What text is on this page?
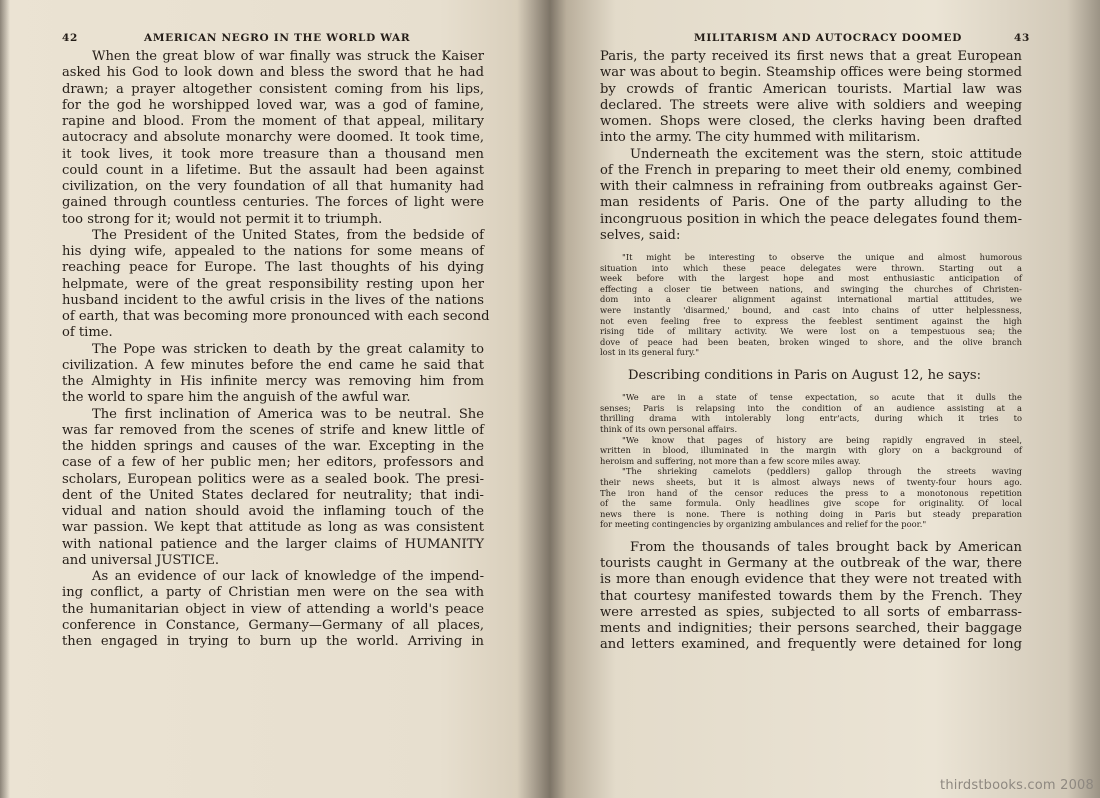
42	AMERICAN NEGRO IN THE WORLD WAR
When the great blow of war finally was struck the Kaiser
asked his God to look down and bless the sword that he had
drawn; a prayer altogether consistent coming from his lips,
for the god he worshipped loved war, was a god of famine,
rapine and blood. From the moment of that appeal, military
autocracy and absolute monarchy were doomed. It took time,
it took lives, it took more treasure than a thousand men
could count in a lifetime. But the assault had been against
civilization, on the very foundation of all that humanity had
gained through countless centuries. The forces of light were
too strong for it; would not permit it to triumph.
The President of the United States, from the bedside of
his dying wife, appealed to the nations for some means of
reaching peace for Europe. The last thoughts of his dying
helpmate, were of the great responsibility resting upon her
husband incident to the awful crisis in the lives of the nations
of earth, that was becoming more pronounced with each second
of time.
The Pope was stricken to death by the great calamity to
civilization. A few minutes before the end came he said that
the Almighty in His infinite mercy was removing him from
the world to spare him the anguish of the awful war.
The first inclination of America was to be neutral. She
was far removed from the scenes of strife and knew little of
the hidden springs and causes of the war. Excepting in the
case of a few of her public men; her editors, professors and
scholars, European politics were as a sealed book. The presi-
dent of the United States declared for neutrality; that indi-
vidual and nation should avoid the inflaming touch of the
war passion. We kept that attitude as long as was consistent
with national patience and the larger claims of HUMANITY
and universal JUSTICE.
As an evidence of our lack of knowledge of the impend-
ing conflict, a party of Christian men were on the sea with
the humanitarian object in view of attending a world's peace
conference in Constance, Germany—Germany of all places,
then engaged in trying to burn up the world. Arriving in
MILITARISM AND AUTOCRACY DOOMED	43
Paris, the party received its first news that a great European
war was about to begin. Steamship offices were being stormed
by crowds of frantic American tourists. Martial law was
declared. The streets were alive with soldiers and weeping
women. Shops were closed, the clerks having been drafted
into the army. The city hummed with militarism.
Underneath the excitement was the stern, stoic attitude
of the French in preparing to meet their old enemy, combined
with their calmness in refraining from outbreaks against Ger-
man residents of Paris. One of the party alluding to the
incongruous position in which the peace delegates found them-
selves, said:
"It might be interesting to observe the unique and almost humorous
situation into which these peace delegates were thrown. Starting out a
week before with the largest hope and most enthusiastic anticipation of
effecting a closer tie between nations, and swinging the churches of Christen-
dom into a clearer alignment against international martial attitudes, we
were instantly 'disarmed,' bound, and cast into chains of utter helplessness,
not even feeling free to express the feeblest sentiment against the high
rising tide of military activity. We were lost on a tempestuous sea; the
dove of peace had been beaten, broken winged to shore, and the olive branch
lost in its general fury."
Describing conditions in Paris on August 12, he says:
"We are in a state of tense expectation, so acute that it dulls the
senses; Paris is relapsing into the condition of an audience assisting at a
thrilling drama with intolerably long entr'acts, during which it tries to
think of its own personal affairs.
"We know that pages of history are being rapidly engraved in steel,
written in blood, illuminated in the margin with glory on a background of
heroism and suffering, not more than a few score miles away.
"The shrieking camelots (peddlers) gallop through the streets waving
their news sheets, but it is almost always news of twenty-four hours ago.
The iron hand of the censor reduces the press to a monotonous repetition
of the same formula. Only headlines give scope for originality. Of local
news there is none. There is nothing doing in Paris but steady preparation
for meeting contingencies by organizing ambulances and relief for the poor."
From the thousands of tales brought back by American
tourists caught in Germany at the outbreak of the war, there
is more than enough evidence that they were not treated with
that courtesy manifested towards them by the French. They
were arrested as spies, subjected to all sorts of embarrass-
ments and indignities; their persons searched, their baggage
and letters examined, and frequently were detained for long
thirdstbooks.com 2008
